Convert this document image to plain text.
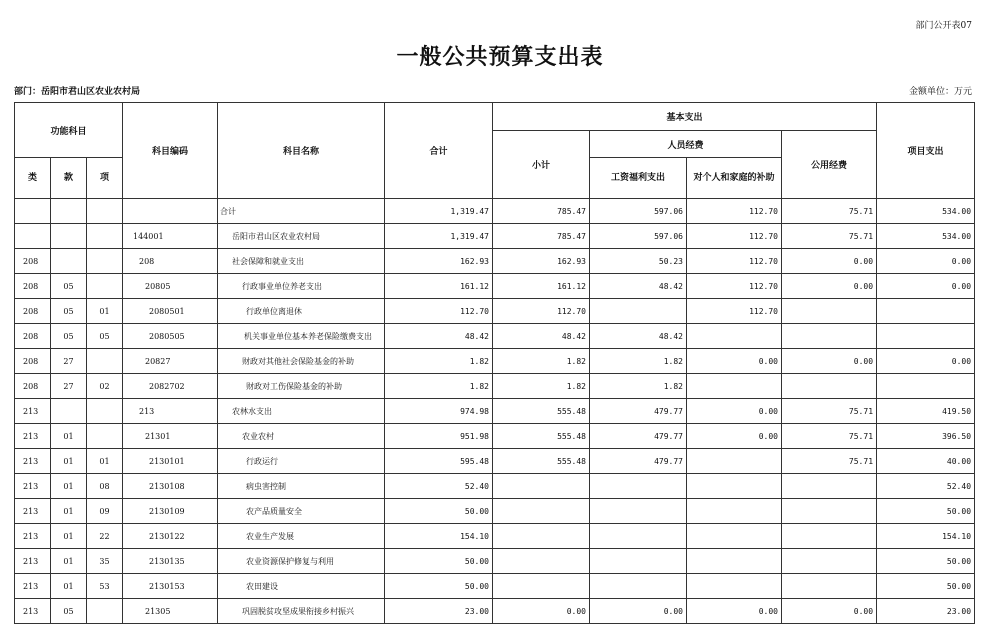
部门公开表07
一般公共预算支出表
部门：岳阳市君山区农业农村局	金额单位：万元
功能科目			科目编码	科目名称	合计	基本支出				项目支出
						小计	人员经费		公用经费	
类	款	项					工资福利支出	对个人和家庭的补助		
				合计	1,319.47	785.47	597.06	112.70	75.71	534.00
			144001	岳阳市君山区农业农村局	1,319.47	785.47	597.06	112.70	75.71	534.00
208			208	社会保障和就业支出	162.93	162.93	50.23	112.70	0.00	0.00
208	05		20805	行政事业单位养老支出	161.12	161.12	48.42	112.70	0.00	0.00
208	05	01	2080501	行政单位离退休	112.70	112.70		112.70		
208	05	05	2080505	机关事业单位基本养老保险缴费支出	48.42	48.42	48.42			
208	27		20827	财政对其他社会保险基金的补助	1.82	1.82	1.82	0.00	0.00	0.00
208	27	02	2082702	财政对工伤保险基金的补助	1.82	1.82	1.82			
213			213	农林水支出	974.98	555.48	479.77	0.00	75.71	419.50
213	01		21301	农业农村	951.98	555.48	479.77	0.00	75.71	396.50
213	01	01	2130101	行政运行	595.48	555.48	479.77		75.71	40.00
213	01	08	2130108	病虫害控制	52.40					52.40
213	01	09	2130109	农产品质量安全	50.00					50.00
213	01	22	2130122	农业生产发展	154.10					154.10
213	01	35	2130135	农业资源保护修复与利用	50.00					50.00
213	01	53	2130153	农田建设	50.00					50.00
213	05		21305	巩固脱贫攻坚成果衔接乡村振兴	23.00	0.00	0.00	0.00	0.00	23.00
